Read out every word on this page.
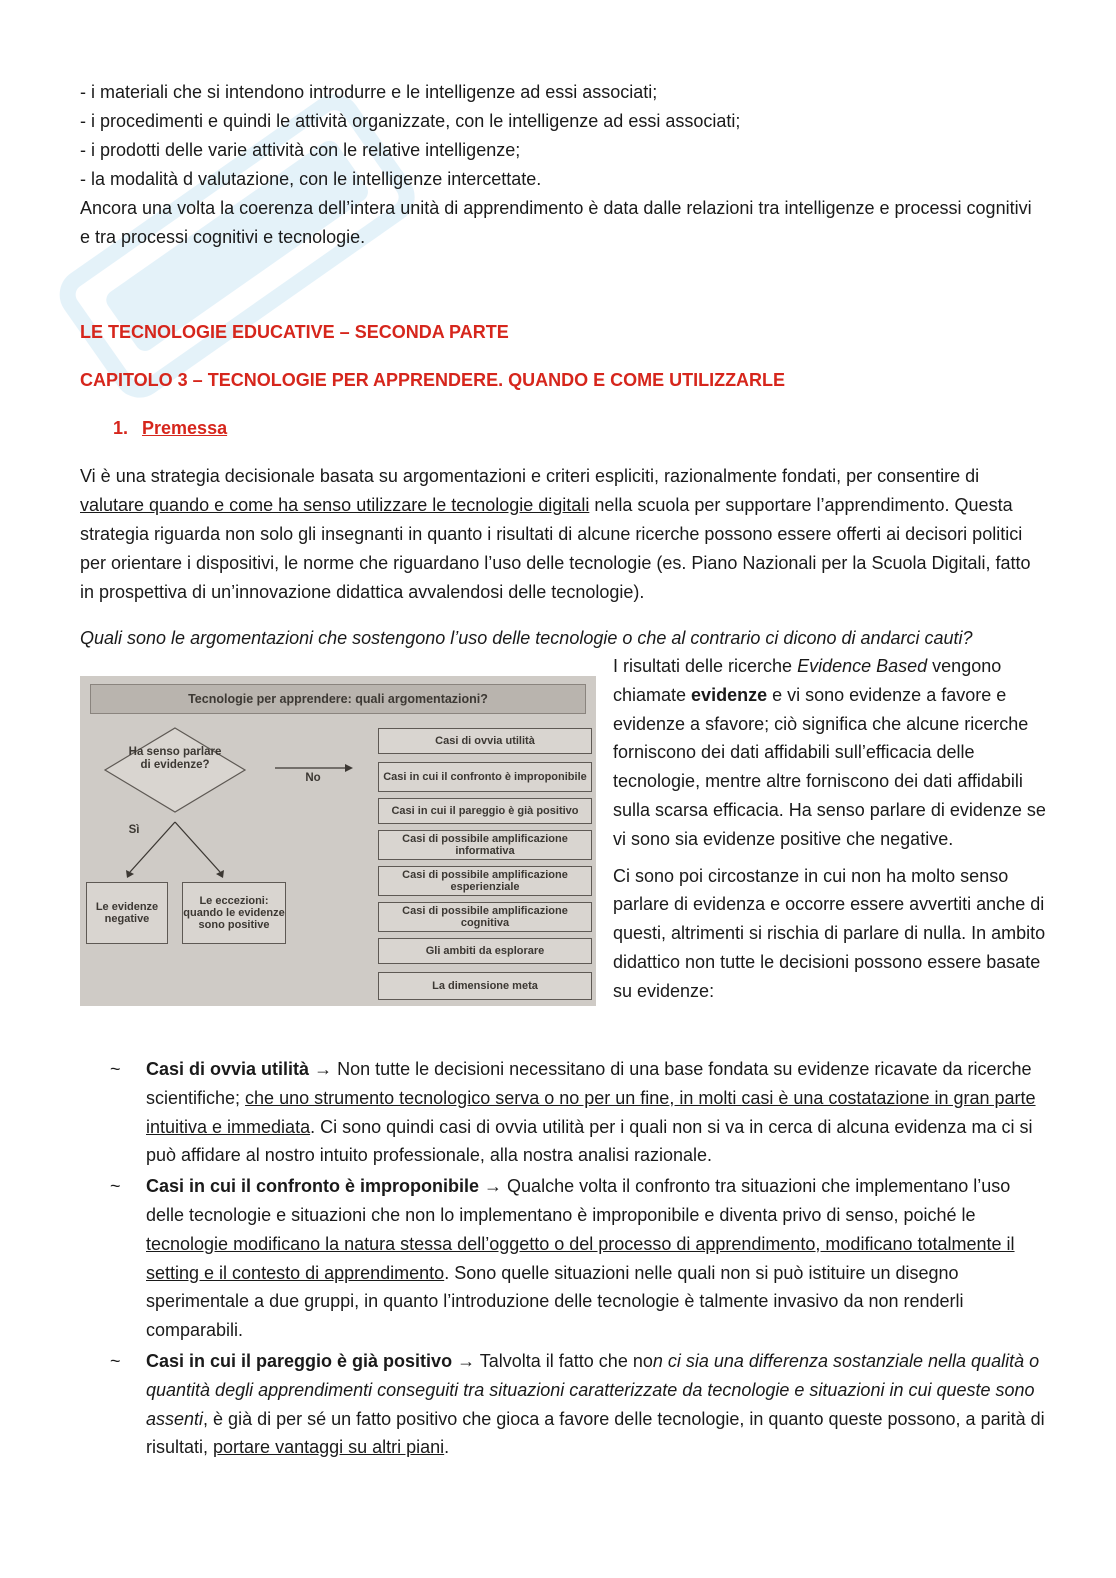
- i materiali che si intendono introdurre e le intelligenze ad essi associati;

- i procedimenti e quindi le attività organizzate, con le intelligenze ad essi associati;

- i prodotti delle varie attività con le relative intelligenze;

- la modalità d valutazione, con le intelligenze intercettate.

Ancora una volta la coerenza dell’intera unità di apprendimento è data dalle relazioni tra intelligenze e processi cognitivi e tra processi cognitivi e tecnologie.

LE TECNOLOGIE EDUCATIVE – SECONDA PARTE
CAPITOLO 3 – TECNOLOGIE PER APPRENDERE. QUANDO E COME UTILIZZARLE
1. Premessa

Vi è una strategia decisionale basata su argomentazioni e criteri espliciti, razionalmente fondati, per consentire di valutare quando e come ha senso utilizzare le tecnologie digitali nella scuola per supportare l’apprendimento. Questa strategia riguarda non solo gli insegnanti in quanto i risultati di alcune ricerche possono essere offerti ai decisori politici per orientare i dispositivi, le norme che riguardano l’uso delle tecnologie (es. Piano Nazionali per la Scuola Digitali, fatto in prospettiva di un’innovazione didattica avvalendosi delle tecnologie).

Quali sono le argomentazioni che sostengono l’uso delle tecnologie o che al contrario ci dicono di andarci cauti?
Tecnologie per apprendere: quali argomentazioni?
Ha senso parlare di evidenze?
No
Sì
Le evidenze negative
Le eccezioni: quando le evidenze sono positive
Casi di ovvia utilità
Casi in cui il confronto è improponibile
Casi in cui il pareggio è già positivo
Casi di possibile amplificazione informativa
Casi di possibile amplificazione esperienziale
Casi di possibile amplificazione cognitiva
Gli ambiti da esplorare
La dimensione meta

I risultati delle ricerche Evidence Based vengono chiamate evidenze e vi sono evidenze a favore e evidenze a sfavore; ciò significa che alcune ricerche forniscono dei dati affidabili sull’efficacia delle tecnologie, mentre altre forniscono dei dati affidabili sulla scarsa efficacia. Ha senso parlare di evidenze se vi sono sia evidenze positive che negative.

Ci sono poi circostanze in cui non ha molto senso parlare di evidenza e occorre essere avvertiti anche di questi, altrimenti si rischia di parlare di nulla. In ambito didattico non tutte le decisioni possono essere basate su evidenze:

~ Casi di ovvia utilità → Non tutte le decisioni necessitano di una base fondata su evidenze ricavate da ricerche scientifiche; che uno strumento tecnologico serva o no per un fine, in molti casi è una costatazione in gran parte intuitiva e immediata. Ci sono quindi casi di ovvia utilità per i quali non si va in cerca di alcuna evidenza ma ci si può affidare al nostro intuito professionale, alla nostra analisi razionale.
~ Casi in cui il confronto è improponibile → Qualche volta il confronto tra situazioni che implementano l’uso delle tecnologie e situazioni che non lo implementano è improponibile e diventa privo di senso, poiché le tecnologie modificano la natura stessa dell’oggetto o del processo di apprendimento, modificano totalmente il setting e il contesto di apprendimento. Sono quelle situazioni nelle quali non si può istituire un disegno sperimentale a due gruppi, in quanto l’introduzione delle tecnologie è talmente invasivo da non renderli comparabili.
~ Casi in cui il pareggio è già positivo → Talvolta il fatto che non ci sia una differenza sostanziale nella qualità o quantità degli apprendimenti conseguiti tra situazioni caratterizzate da tecnologie e situazioni in cui queste sono assenti, è già di per sé un fatto positivo che gioca a favore delle tecnologie, in quanto queste possono, a parità di risultati, portare vantaggi su altri piani.
